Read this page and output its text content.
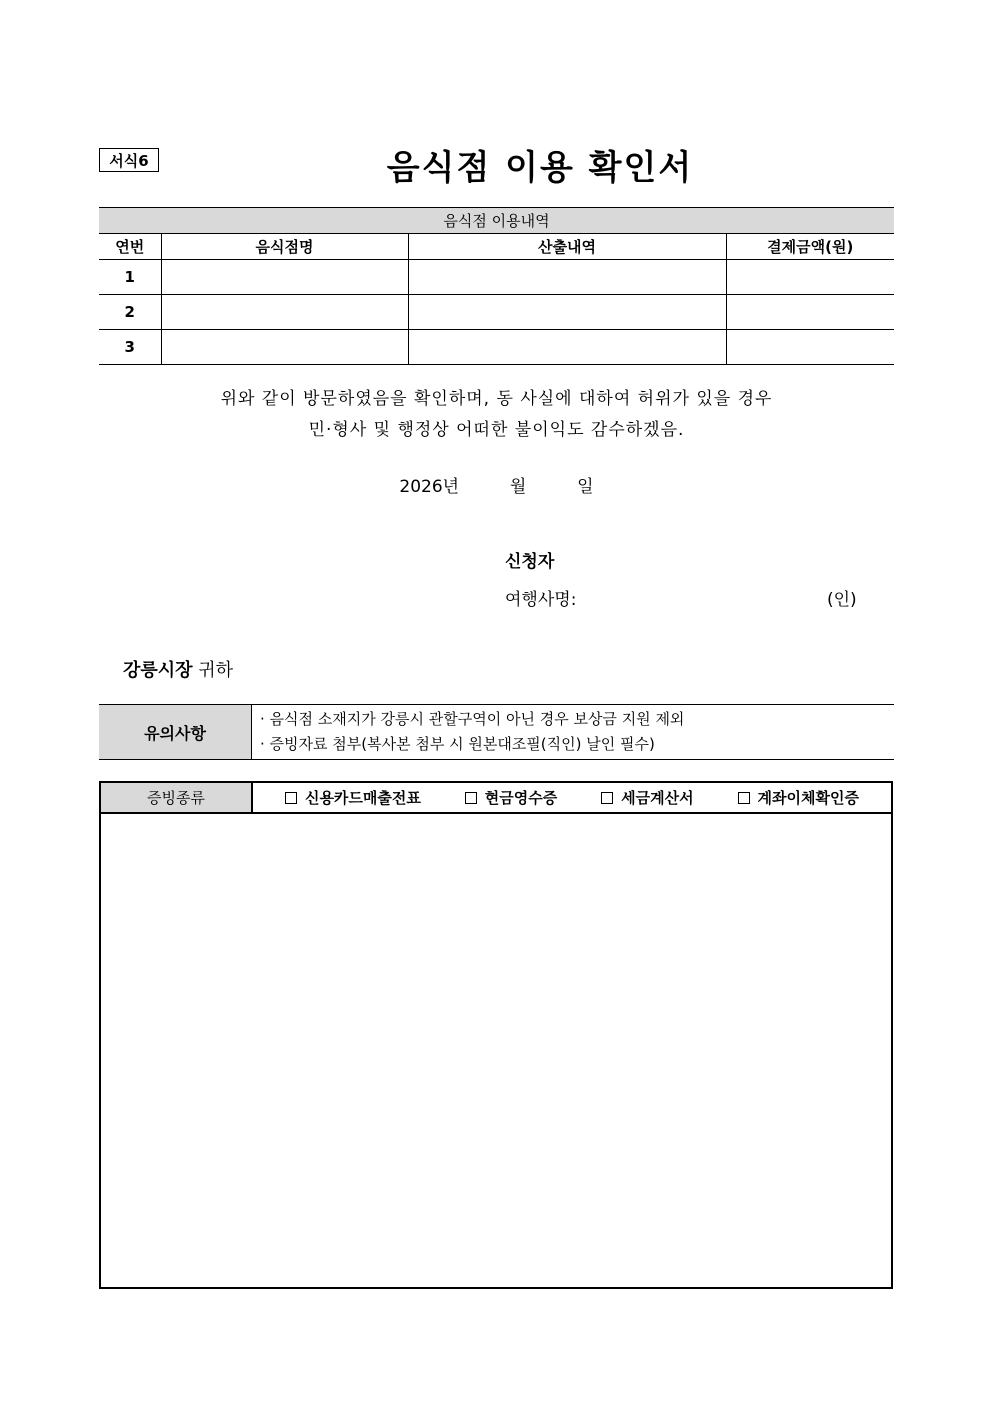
서식6	음식점 이용 확인서
음식점 이용내역			
연번	음식점명	산출내역	결제금액(원)
1			
2			
3			
위와 같이 방문하였음을 확인하며, 동 사실에 대하여 허위가 있을 경우
민·형사 및 행정상 어떠한 불이익도 감수하겠음.
2026년	월	일
신청자
여행사명:	(인)
강릉시장 귀하
유의사항	
· 음식점 소재지가 강릉시 관할구역이 아닌 경우 보상금 지원 제외
· 증빙자료 첨부(복사본 첨부 시 원본대조필(직인) 날인 필수)
증빙종류	신용카드매출전표	현금영수증	세금계산서	계좌이체확인증
